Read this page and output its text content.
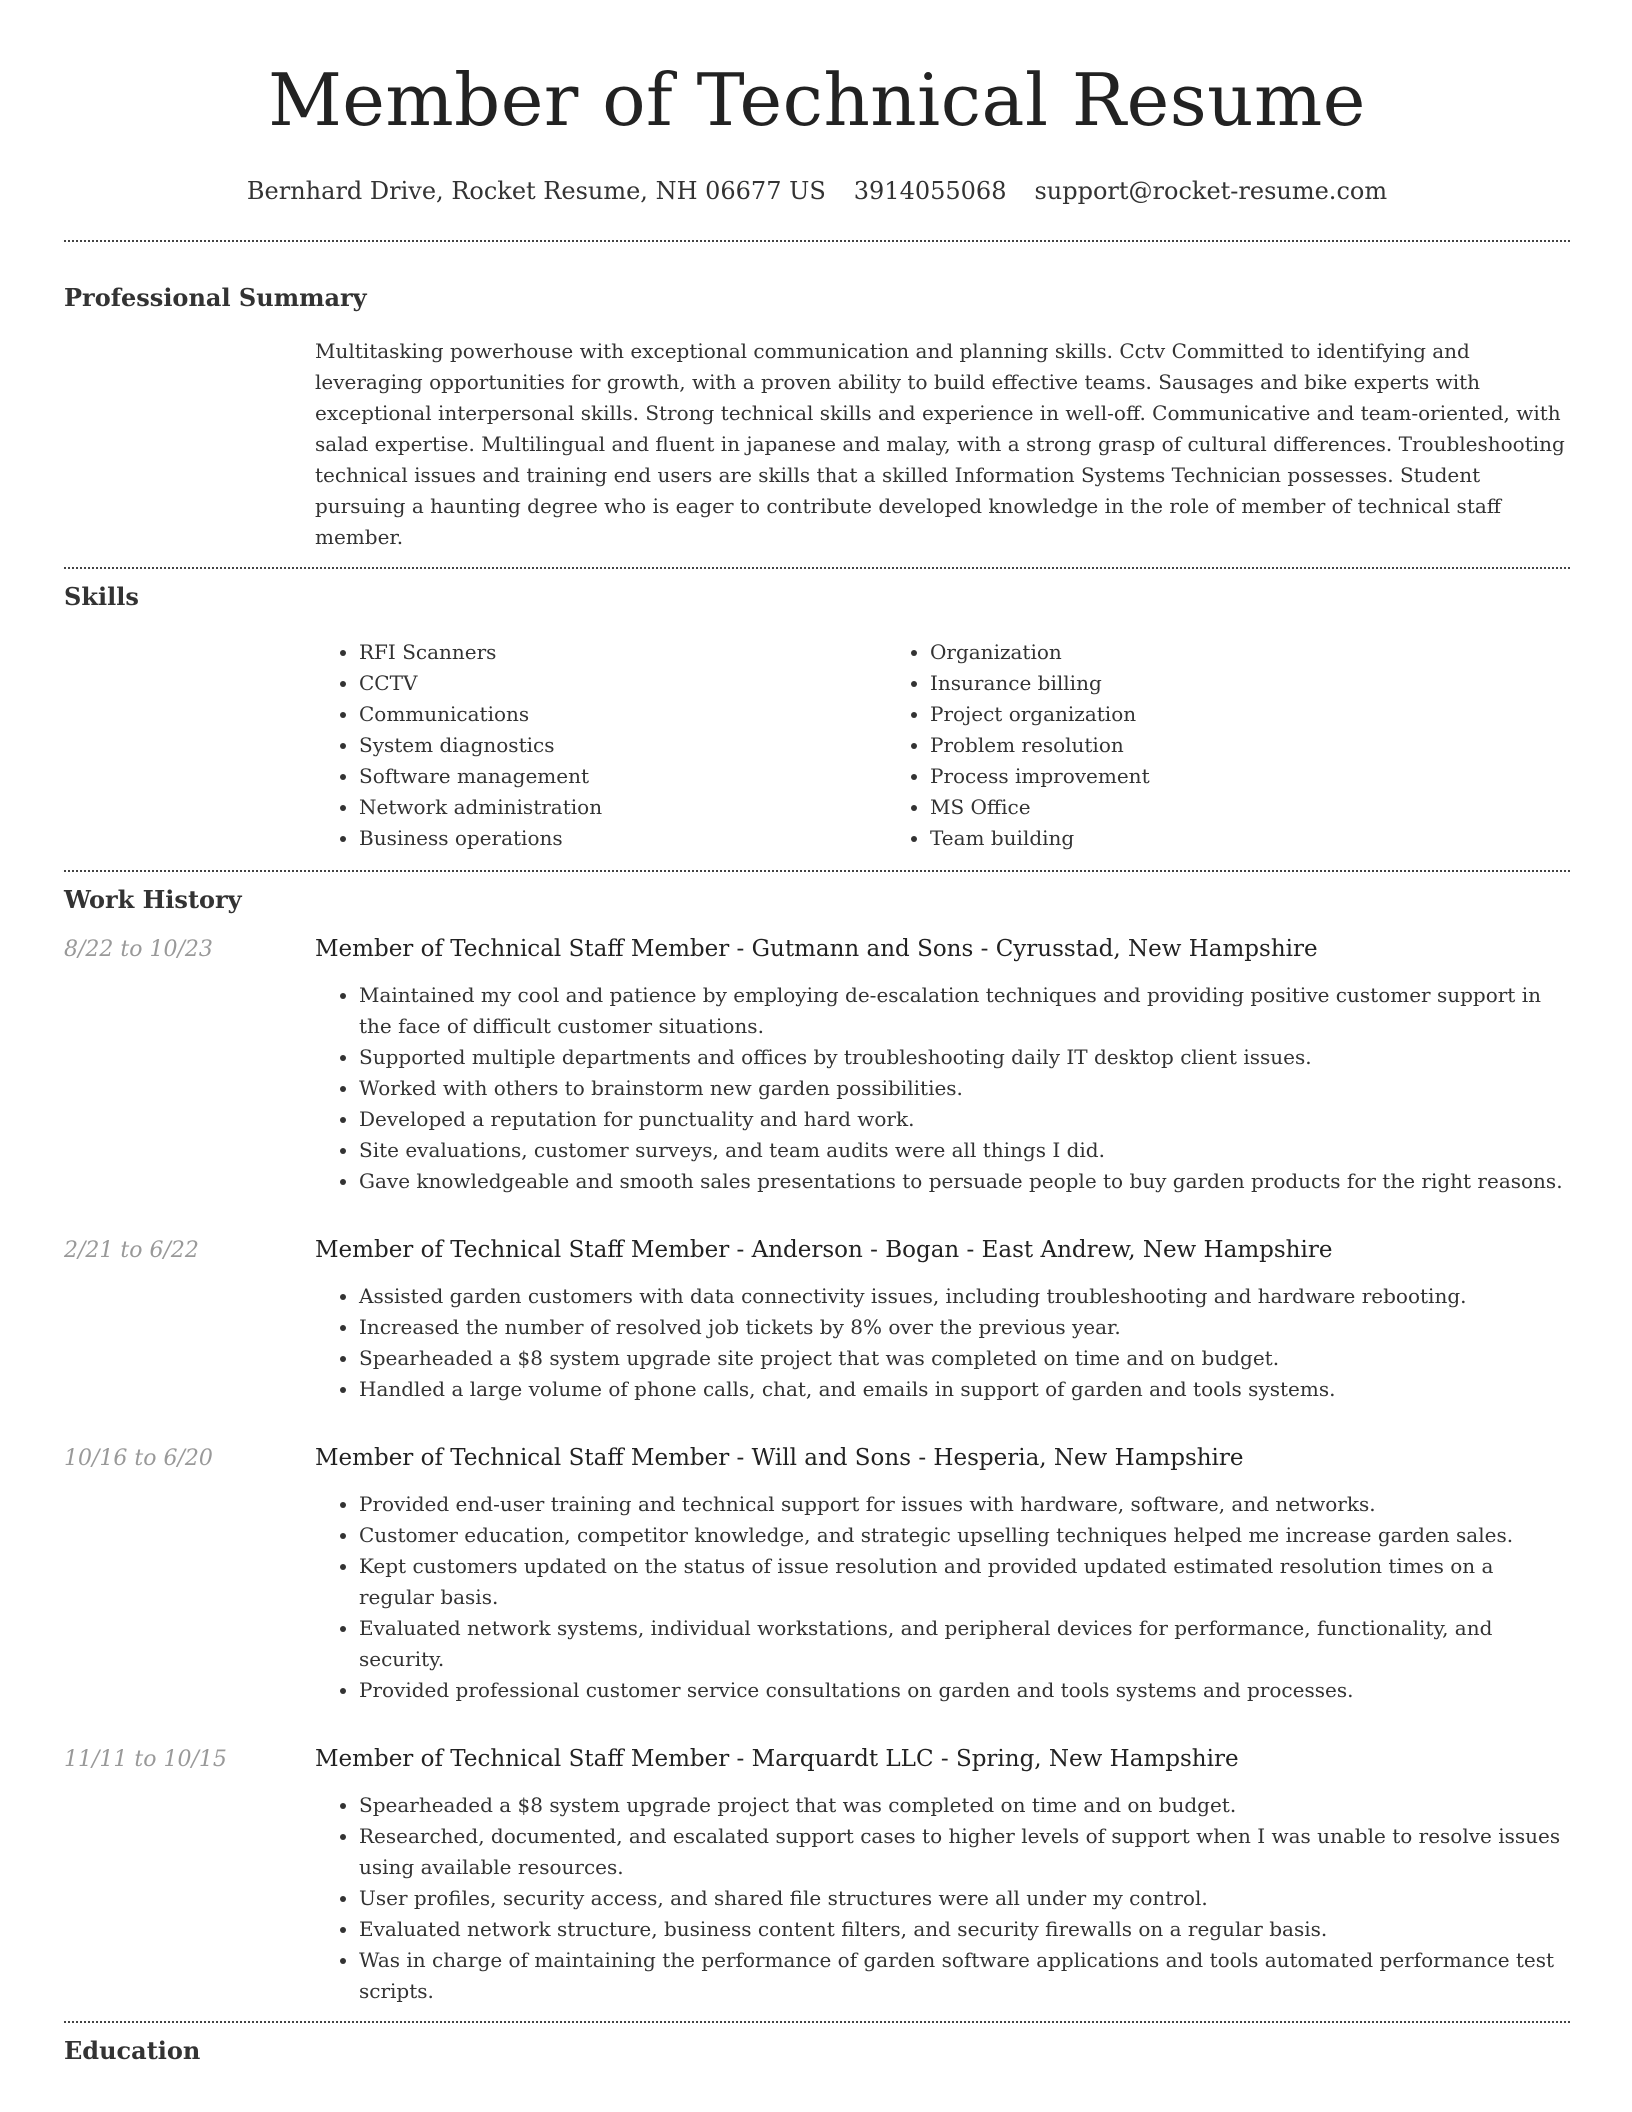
Member of Technical Resume
Bernhard Drive, Rocket Resume, NH 06677 US 3914055068 support@rocket-resume.com
Professional Summary
Multitasking powerhouse with exceptional communication and planning skills. Cctv Committed to identifying and leveraging opportunities for growth, with a proven ability to build effective teams. Sausages and bike experts with exceptional interpersonal skills. Strong technical skills and experience in well-off. Communicative and team-oriented, with salad expertise. Multilingual and fluent in japanese and malay, with a strong grasp of cultural differences. Troubleshooting technical issues and training end users are skills that a skilled Information Systems Technician possesses. Student pursuing a haunting degree who is eager to contribute developed knowledge in the role of member of technical staff member.
Skills
• RFI Scanners
• CCTV
• Communications
• System diagnostics
• Software management
• Network administration
• Business operations
• Organization
• Insurance billing
• Project organization
• Problem resolution
• Process improvement
• MS Office
• Team building
Work History
8/22 to 10/23	Member of Technical Staff Member - Gutmann and Sons - Cyrusstad, New Hampshire
• Maintained my cool and patience by employing de-escalation techniques and providing positive customer support in the face of difficult customer situations.
• Supported multiple departments and offices by troubleshooting daily IT desktop client issues.
• Worked with others to brainstorm new garden possibilities.
• Developed a reputation for punctuality and hard work.
• Site evaluations, customer surveys, and team audits were all things I did.
• Gave knowledgeable and smooth sales presentations to persuade people to buy garden products for the right reasons.
2/21 to 6/22	Member of Technical Staff Member - Anderson - Bogan - East Andrew, New Hampshire
• Assisted garden customers with data connectivity issues, including troubleshooting and hardware rebooting.
• Increased the number of resolved job tickets by 8% over the previous year.
• Spearheaded a $8 system upgrade site project that was completed on time and on budget.
• Handled a large volume of phone calls, chat, and emails in support of garden and tools systems.
10/16 to 6/20	Member of Technical Staff Member - Will and Sons - Hesperia, New Hampshire
• Provided end-user training and technical support for issues with hardware, software, and networks.
• Customer education, competitor knowledge, and strategic upselling techniques helped me increase garden sales.
• Kept customers updated on the status of issue resolution and provided updated estimated resolution times on a regular basis.
• Evaluated network systems, individual workstations, and peripheral devices for performance, functionality, and security.
• Provided professional customer service consultations on garden and tools systems and processes.
11/11 to 10/15	Member of Technical Staff Member - Marquardt LLC - Spring, New Hampshire
• Spearheaded a $8 system upgrade project that was completed on time and on budget.
• Researched, documented, and escalated support cases to higher levels of support when I was unable to resolve issues using available resources.
• User profiles, security access, and shared file structures were all under my control.
• Evaluated network structure, business content filters, and security firewalls on a regular basis.
• Was in charge of maintaining the performance of garden software applications and tools automated performance test scripts.
Education
